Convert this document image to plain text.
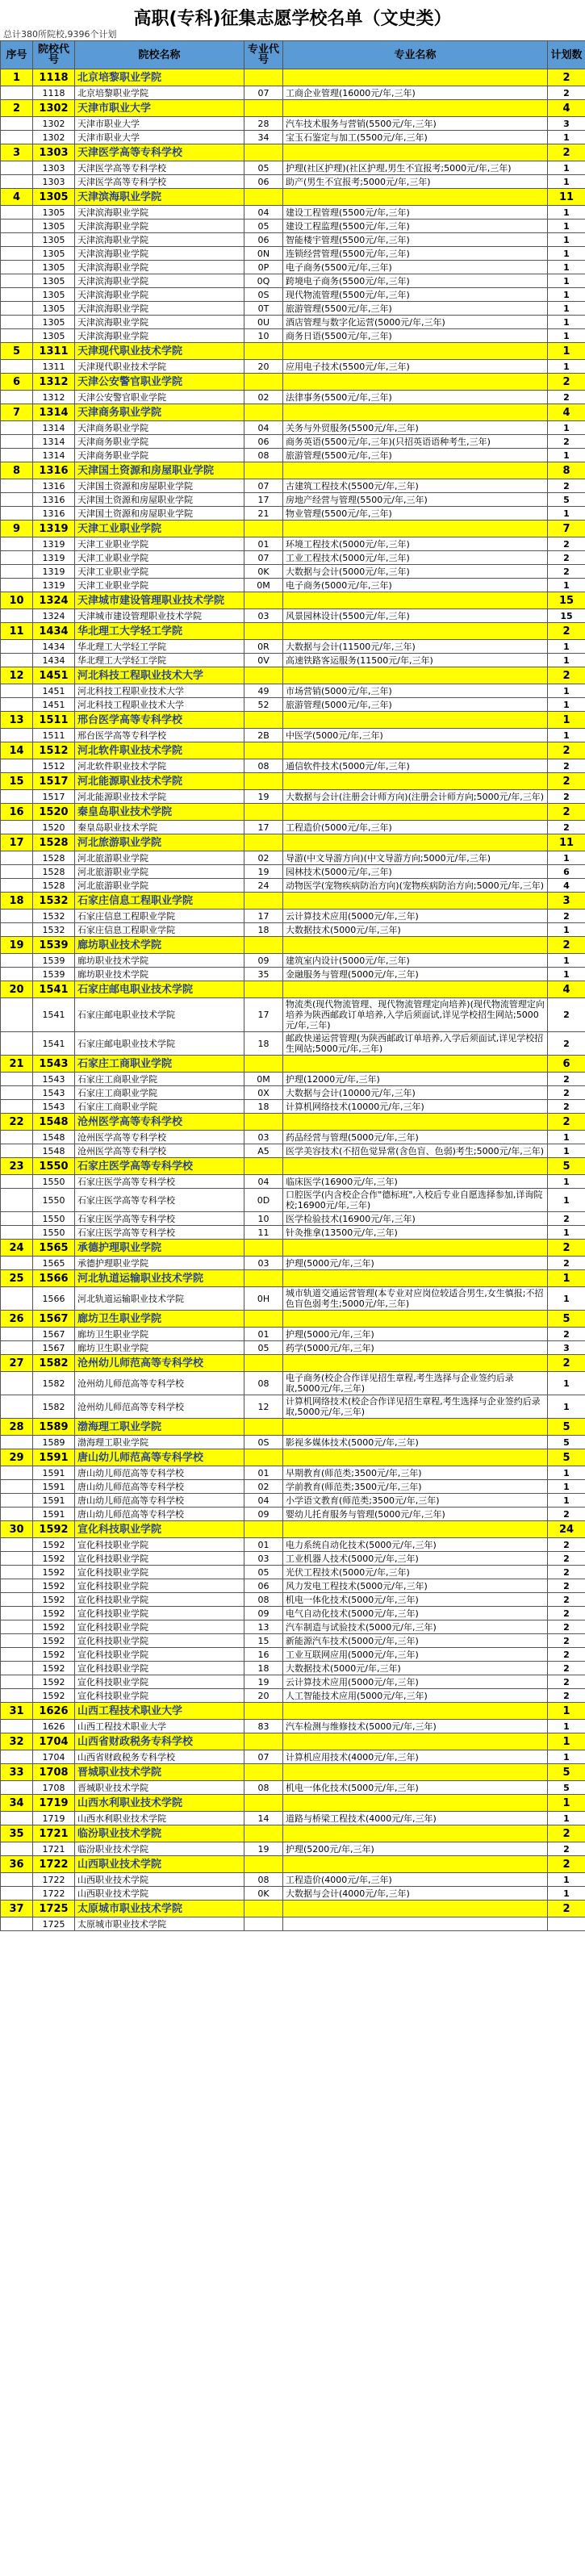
高职(专科)征集志愿学校名单（文史类）
总计380所院校,9396个计划
序号	院校代号	院校名称	专业代号	专业名称	计划数
1	1118	北京培黎职业学院			2
	1118	北京培黎职业学院	07	工商企业管理(16000元/年,三年)	2
2	1302	天津市职业大学			4
	1302	天津市职业大学	28	汽车技术服务与营销(5500元/年,三年)	3
	1302	天津市职业大学	34	宝玉石鉴定与加工(5500元/年,三年)	1
3	1303	天津医学高等专科学校			2
	1303	天津医学高等专科学校	05	护理(社区护理)(社区护理,男生不宜报考;5000元/年,三年)	1
	1303	天津医学高等专科学校	06	助产(男生不宜报考;5000元/年,三年)	1
4	1305	天津滨海职业学院			11
	1305	天津滨海职业学院	04	建设工程管理(5500元/年,三年)	1
	1305	天津滨海职业学院	05	建设工程监理(5500元/年,三年)	1
	1305	天津滨海职业学院	06	智能楼宇管理(5500元/年,三年)	1
	1305	天津滨海职业学院	0N	连锁经营管理(5500元/年,三年)	1
	1305	天津滨海职业学院	0P	电子商务(5500元/年,三年)	1
	1305	天津滨海职业学院	0Q	跨境电子商务(5500元/年,三年)	1
	1305	天津滨海职业学院	0S	现代物流管理(5500元/年,三年)	1
	1305	天津滨海职业学院	0T	旅游管理(5500元/年,三年)	1
	1305	天津滨海职业学院	0U	酒店管理与数字化运营(5000元/年,三年)	1
	1305	天津滨海职业学院	10	商务日语(5500元/年,三年)	1
5	1311	天津现代职业技术学院			1
	1311	天津现代职业技术学院	20	应用电子技术(5500元/年,三年)	1
6	1312	天津公安警官职业学院			2
	1312	天津公安警官职业学院	02	法律事务(5500元/年,三年)	2
7	1314	天津商务职业学院			4
	1314	天津商务职业学院	04	关务与外贸服务(5500元/年,三年)	1
	1314	天津商务职业学院	06	商务英语(5500元/年,三年)(只招英语语种考生,三年)	2
	1314	天津商务职业学院	08	旅游管理(5500元/年,三年)	1
8	1316	天津国土资源和房屋职业学院			8
	1316	天津国土资源和房屋职业学院	07	古建筑工程技术(5500元/年,三年)	2
	1316	天津国土资源和房屋职业学院	17	房地产经营与管理(5500元/年,三年)	5
	1316	天津国土资源和房屋职业学院	21	物业管理(5500元/年,三年)	1
9	1319	天津工业职业学院			7
	1319	天津工业职业学院	01	环境工程技术(5000元/年,三年)	2
	1319	天津工业职业学院	07	工业工程技术(5000元/年,三年)	2
	1319	天津工业职业学院	0K	大数据与会计(5000元/年,三年)	2
	1319	天津工业职业学院	0M	电子商务(5000元/年,三年)	1
10	1324	天津城市建设管理职业技术学院			15
	1324	天津城市建设管理职业技术学院	03	风景园林设计(5500元/年,三年)	15
11	1434	华北理工大学轻工学院			2
	1434	华北理工大学轻工学院	0R	大数据与会计(11500元/年,三年)	1
	1434	华北理工大学轻工学院	0V	高速铁路客运服务(11500元/年,三年)	1
12	1451	河北科技工程职业技术大学			2
	1451	河北科技工程职业技术大学	49	市场营销(5000元/年,三年)	1
	1451	河北科技工程职业技术大学	52	旅游管理(5000元/年,三年)	1
13	1511	邢台医学高等专科学校			1
	1511	邢台医学高等专科学校	2B	中医学(5000元/年,三年)	1
14	1512	河北软件职业技术学院			2
	1512	河北软件职业技术学院	08	通信软件技术(5000元/年,三年)	2
15	1517	河北能源职业技术学院			2
	1517	河北能源职业技术学院	19	大数据与会计(注册会计师方向)(注册会计师方向;5000元/年,三年)	2
16	1520	秦皇岛职业技术学院			2
	1520	秦皇岛职业技术学院	17	工程造价(5000元/年,三年)	2
17	1528	河北旅游职业学院			11
	1528	河北旅游职业学院	02	导游(中文导游方向)(中文导游方向;5000元/年,三年)	1
	1528	河北旅游职业学院	19	园林技术(5000元/年,三年)	6
	1528	河北旅游职业学院	24	动物医学(宠物疾病防治方向)(宠物疾病防治方向;5000元/年,三年)	4
18	1532	石家庄信息工程职业学院			3
	1532	石家庄信息工程职业学院	17	云计算技术应用(5000元/年,三年)	2
	1532	石家庄信息工程职业学院	18	大数据技术(5000元/年,三年)	1
19	1539	廊坊职业技术学院			2
	1539	廊坊职业技术学院	09	建筑室内设计(5000元/年,三年)	1
	1539	廊坊职业技术学院	35	金融服务与管理(5000元/年,三年)	1
20	1541	石家庄邮电职业技术学院			4
	1541	石家庄邮电职业技术学院	17	物流类(现代物流管理、现代物流管理定向培养)(现代物流管理定向培养为陕西邮政订单培养,入学后须面试,详见学校招生网站;5000元/年,三年)	2
	1541	石家庄邮电职业技术学院	18	邮政快递运营管理(为陕西邮政订单培养,入学后须面试,详见学校招生网站;5000元/年,三年)	2
21	1543	石家庄工商职业学院			6
	1543	石家庄工商职业学院	0M	护理(12000元/年,三年)	2
	1543	石家庄工商职业学院	0X	大数据与会计(10000元/年,三年)	2
	1543	石家庄工商职业学院	18	计算机网络技术(10000元/年,三年)	2
22	1548	沧州医学高等专科学校			2
	1548	沧州医学高等专科学校	03	药品经营与管理(5000元/年,三年)	1
	1548	沧州医学高等专科学校	A5	医学美容技术(不招色觉异常(含色盲、色弱)考生;5000元/年,三年)	1
23	1550	石家庄医学高等专科学校			5
	1550	石家庄医学高等专科学校	04	临床医学(16900元/年,三年)	1
	1550	石家庄医学高等专科学校	0D	口腔医学(内含校企合作"德标班",入校后专业自愿选择参加,详询院校;16900元/年,三年)	1
	1550	石家庄医学高等专科学校	10	医学检验技术(16900元/年,三年)	2
	1550	石家庄医学高等专科学校	11	针灸推拿(13500元/年,三年)	1
24	1565	承德护理职业学院			2
	1565	承德护理职业学院	03	护理(5000元/年,三年)	2
25	1566	河北轨道运输职业技术学院			1
	1566	河北轨道运输职业技术学院	0H	城市轨道交通运营管理(本专业对应岗位较适合男生,女生慎报;不招色盲色弱考生;5000元/年,三年)	1
26	1567	廊坊卫生职业学院			5
	1567	廊坊卫生职业学院	01	护理(5000元/年,三年)	2
	1567	廊坊卫生职业学院	05	药学(5000元/年,三年)	3
27	1582	沧州幼儿师范高等专科学校			2
	1582	沧州幼儿师范高等专科学校	08	电子商务(校企合作详见招生章程,考生选择与企业签约后录取,5000元/年,三年)	1
	1582	沧州幼儿师范高等专科学校	12	计算机网络技术(校企合作详见招生章程,考生选择与企业签约后录取,5000元/年,三年)	1
28	1589	渤海理工职业学院			5
	1589	渤海理工职业学院	0S	影视多媒体技术(5000元/年,三年)	5
29	1591	唐山幼儿师范高等专科学校			5
	1591	唐山幼儿师范高等专科学校	01	早期教育(师范类;3500元/年,三年)	1
	1591	唐山幼儿师范高等专科学校	02	学前教育(师范类;3500元/年,三年)	1
	1591	唐山幼儿师范高等专科学校	04	小学语文教育(师范类;3500元/年,三年)	1
	1591	唐山幼儿师范高等专科学校	09	婴幼儿托育服务与管理(5000元/年,三年)	2
30	1592	宣化科技职业学院			24
	1592	宣化科技职业学院	01	电力系统自动化技术(5000元/年,三年)	2
	1592	宣化科技职业学院	03	工业机器人技术(5000元/年,三年)	2
	1592	宣化科技职业学院	05	光伏工程技术(5000元/年,三年)	2
	1592	宣化科技职业学院	06	风力发电工程技术(5000元/年,三年)	2
	1592	宣化科技职业学院	08	机电一体化技术(5000元/年,三年)	2
	1592	宣化科技职业学院	09	电气自动化技术(5000元/年,三年)	2
	1592	宣化科技职业学院	13	汽车制造与试验技术(5000元/年,三年)	2
	1592	宣化科技职业学院	15	新能源汽车技术(5000元/年,三年)	2
	1592	宣化科技职业学院	16	工业互联网应用(5000元/年,三年)	2
	1592	宣化科技职业学院	18	大数据技术(5000元/年,三年)	2
	1592	宣化科技职业学院	19	云计算技术应用(5000元/年,三年)	2
	1592	宣化科技职业学院	20	人工智能技术应用(5000元/年,三年)	2
31	1626	山西工程技术职业大学			1
	1626	山西工程技术职业大学	83	汽车检测与维修技术(5000元/年,三年)	1
32	1704	山西省财政税务专科学校			1
	1704	山西省财政税务专科学校	07	计算机应用技术(4000元/年,三年)	1
33	1708	晋城职业技术学院			5
	1708	晋城职业技术学院	08	机电一体化技术(5000元/年,三年)	5
34	1719	山西水利职业技术学院			1
	1719	山西水利职业技术学院	14	道路与桥梁工程技术(4000元/年,三年)	1
35	1721	临汾职业技术学院			2
	1721	临汾职业技术学院	19	护理(5200元/年,三年)	2
36	1722	山西职业技术学院			2
	1722	山西职业技术学院	08	工程造价(4000元/年,三年)	1
	1722	山西职业技术学院	0K	大数据与会计(4000元/年,三年)	1
37	1725	太原城市职业技术学院			2
	1725	太原城市职业技术学院			
